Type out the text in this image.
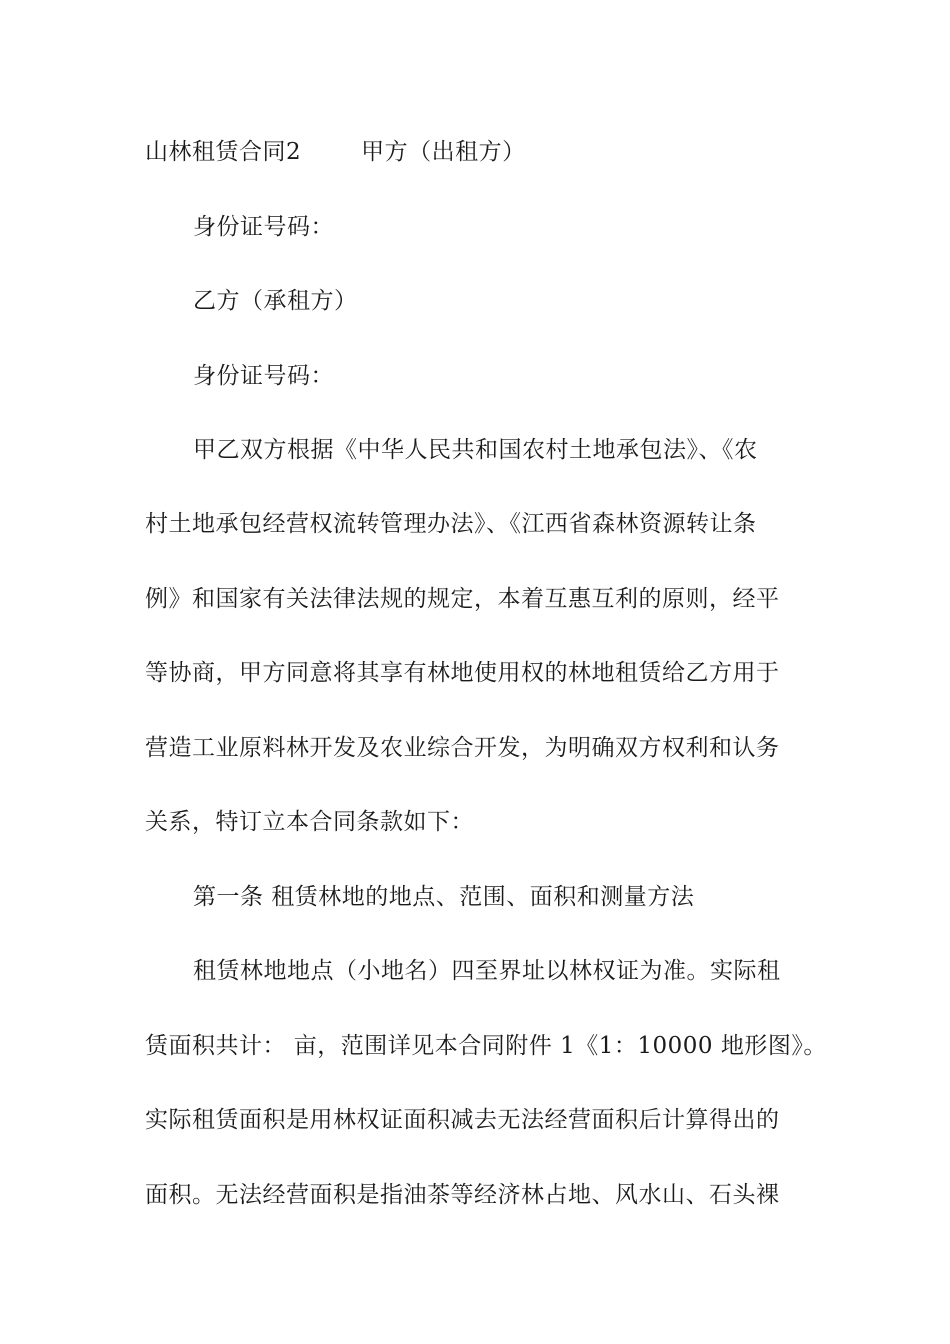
山林租赁合同2	甲方（出租方）
身份证号码：
乙方（承租方）
身份证号码：
甲乙双方根据《中华人民共和国农村土地承包法》、《农
村土地承包经营权流转管理办法》、《江西省森林资源转让条
例》和国家有关法律法规的规定，本着互惠互利的原则，经平
等协商，甲方同意将其享有林地使用权的林地租赁给乙方用于
营造工业原料林开发及农业综合开发，为明确双方权利和认务
关系，特订立本合同条款如下：
第一条 租赁林地的地点、范围、面积和测量方法
租赁林地地点（小地名）四至界址以林权证为准。实际租
赁面积共计： 亩，范围详见本合同附件 1《1：10000 地形图》。
实际租赁面积是用林权证面积减去无法经营面积后计算得出的
面积。无法经营面积是指油茶等经济林占地、风水山、石头裸
